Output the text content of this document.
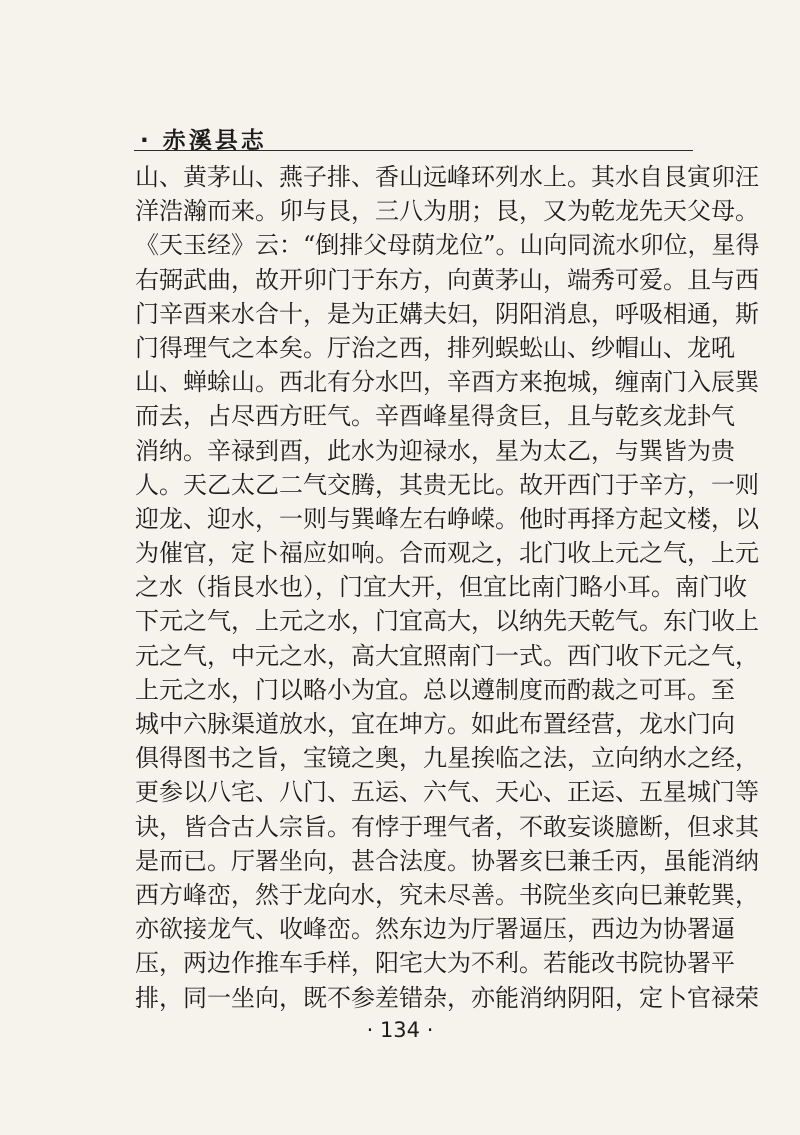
· 赤溪县志
山、黄茅山、燕子排、香山远峰环列水上。其水自艮寅卯汪
洋浩瀚而来。卯与艮，三八为朋；艮，又为乾龙先天父母。
《天玉经》云：“倒排父母荫龙位”。山向同流水卯位，星得
右弼武曲，故开卯门于东方，向黄茅山，端秀可爱。且与西
门辛酉来水合十，是为正媾夫妇，阴阳消息，呼吸相通，斯
门得理气之本矣。厅治之西，排列蜈蚣山、纱帽山、龙吼
山、蝉蜍山。西北有分水凹，辛酉方来抱城，缠南门入辰巽
而去，占尽西方旺气。辛酉峰星得贪巨，且与乾亥龙卦气
消纳。辛禄到酉，此水为迎禄水，星为太乙，与巽皆为贵
人。天乙太乙二气交腾，其贵无比。故开西门于辛方，一则
迎龙、迎水，一则与巽峰左右峥嵘。他时再择方起文楼，以
为催官，定卜福应如响。合而观之，北门收上元之气，上元
之水（指艮水也），门宜大开，但宜比南门略小耳。南门收
下元之气，上元之水，门宜高大，以纳先天乾气。东门收上
元之气，中元之水，高大宜照南门一式。西门收下元之气，
上元之水，门以略小为宜。总以遵制度而酌裁之可耳。至
城中六脉渠道放水，宜在坤方。如此布置经营，龙水门向
俱得图书之旨，宝镜之奥，九星挨临之法，立向纳水之经，
更参以八宅、八门、五运、六气、天心、正运、五星城门等
诀，皆合古人宗旨。有悖于理气者，不敢妄谈臆断，但求其
是而已。厅署坐向，甚合法度。协署亥巳兼壬丙，虽能消纳
西方峰峦，然于龙向水，究未尽善。书院坐亥向巳兼乾巽，
亦欲接龙气、收峰峦。然东边为厅署逼压，西边为协署逼
压，两边作推车手样，阳宅大为不利。若能改书院协署平
排，同一坐向，既不参差错杂，亦能消纳阴阳，定卜官禄荣
· 134 ·
